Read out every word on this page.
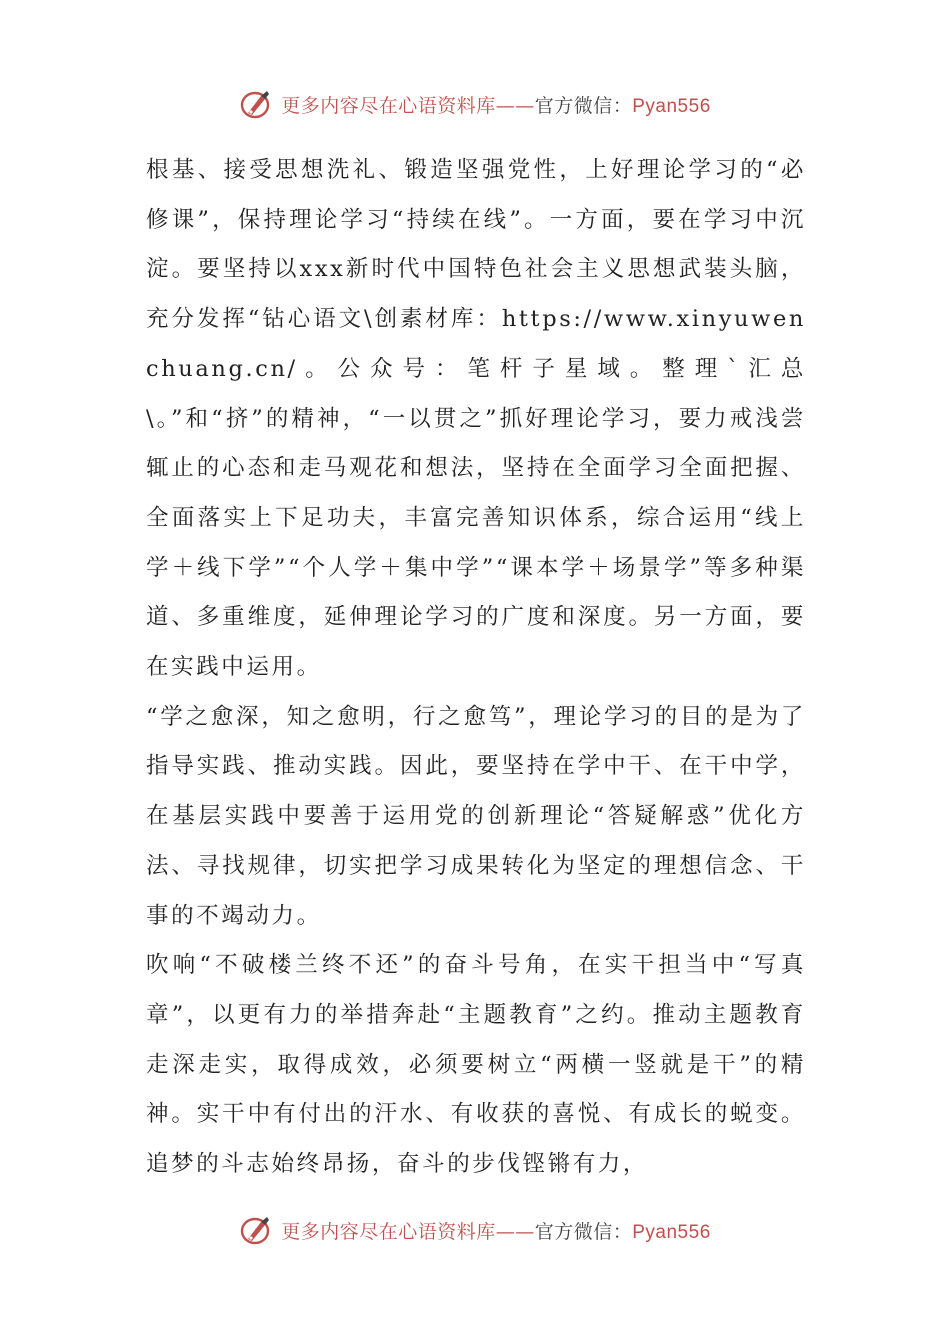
更多内容尽在心语资料库——官方微信：Pyan556

根基、接受思想洗礼、锻造坚强党性，上好理论学习的“必修课”，保持理论学习“持续在线”。一方面，要在学习中沉淀。要坚持以xxx新时代中国特色社会主义思想武装头脑，充分发挥“钻心语文\创素材库：https://www.xinyuwenchuang.cn/。公众号：笔杆子星域。整理`汇总\。”和“挤”的精神，“一以贯之”抓好理论学习，要力戒浅尝辄止的心态和走马观花和想法，坚持在全面学习全面把握、全面落实上下足功夫，丰富完善知识体系，综合运用“线上学＋线下学”“个人学＋集中学”“课本学＋场景学”等多种渠道、多重维度，延伸理论学习的广度和深度。另一方面，要在实践中运用。

“学之愈深，知之愈明，行之愈笃”，理论学习的目的是为了指导实践、推动实践。因此，要坚持在学中干、在干中学，在基层实践中要善于运用党的创新理论“答疑解惑”优化方法、寻找规律，切实把学习成果转化为坚定的理想信念、干事的不竭动力。

吹响“不破楼兰终不还”的奋斗号角，在实干担当中“写真章”，以更有力的举措奔赴“主题教育”之约。推动主题教育走深走实，取得成效，必须要树立“两横一竖就是干”的精神。实干中有付出的汗水、有收获的喜悦、有成长的蜕变。追梦的斗志始终昂扬，奋斗的步伐铿锵有力，

更多内容尽在心语资料库——官方微信：Pyan556
